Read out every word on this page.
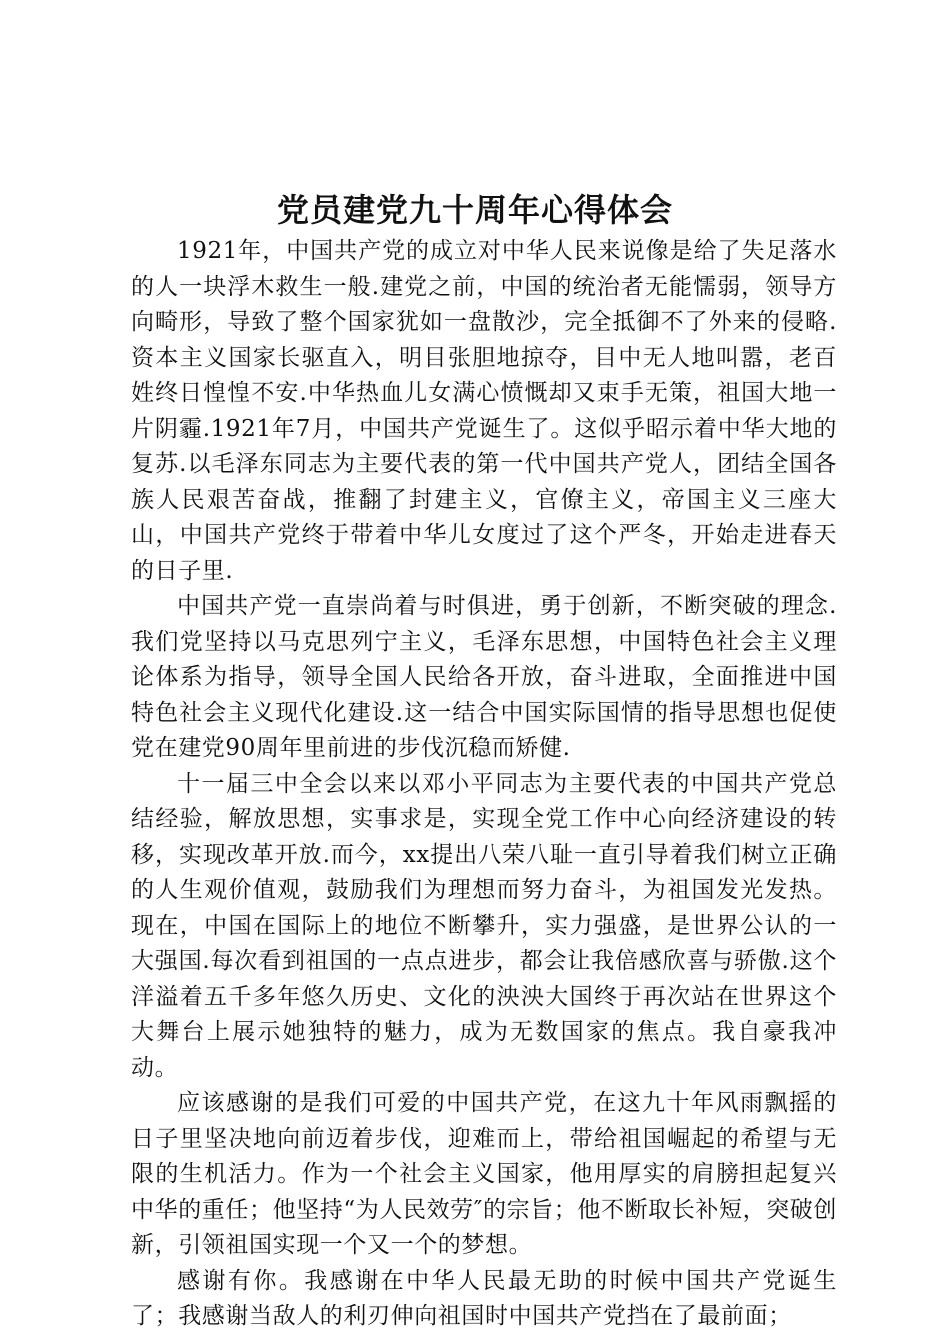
党员建党九十周年心得体会

1921年，中国共产党的成立对中华人民来说像是给了失足落水的人一块浮木救生一般.建党之前，中国的统治者无能懦弱，领导方向畸形，导致了整个国家犹如一盘散沙，完全抵御不了外来的侵略.资本主义国家长驱直入，明目张胆地掠夺，目中无人地叫嚣，老百姓终日惶惶不安.中华热血儿女满心愤慨却又束手无策，祖国大地一片阴霾.1921年7月，中国共产党诞生了。这似乎昭示着中华大地的复苏.以毛泽东同志为主要代表的第一代中国共产党人，团结全国各族人民艰苦奋战，推翻了封建主义，官僚主义，帝国主义三座大山，中国共产党终于带着中华儿女度过了这个严冬，开始走进春天的日子里.

中国共产党一直崇尚着与时俱进，勇于创新，不断突破的理念.我们党坚持以马克思列宁主义，毛泽东思想，中国特色社会主义理论体系为指导，领导全国人民给各开放，奋斗进取，全面推进中国特色社会主义现代化建设.这一结合中国实际国情的指导思想也促使党在建党90周年里前进的步伐沉稳而矫健.

十一届三中全会以来以邓小平同志为主要代表的中国共产党总结经验，解放思想，实事求是，实现全党工作中心向经济建设的转移，实现改革开放.而今，xx提出八荣八耻一直引导着我们树立正确的人生观价值观，鼓励我们为理想而努力奋斗，为祖国发光发热。现在，中国在国际上的地位不断攀升，实力强盛，是世界公认的一大强国.每次看到祖国的一点点进步，都会让我倍感欣喜与骄傲.这个洋溢着五千多年悠久历史、文化的泱泱大国终于再次站在世界这个大舞台上展示她独特的魅力，成为无数国家的焦点。我自豪我冲动。

应该感谢的是我们可爱的中国共产党，在这九十年风雨飘摇的日子里坚决地向前迈着步伐，迎难而上，带给祖国崛起的希望与无限的生机活力。作为一个社会主义国家，他用厚实的肩膀担起复兴中华的重任；他坚持“为人民效劳″的宗旨；他不断取长补短，突破创新，引领祖国实现一个又一个的梦想。

感谢有你。我感谢在中华人民最无助的时候中国共产党诞生了；我感谢当敌人的利刃伸向祖国时中国共产党挡在了最前面；
